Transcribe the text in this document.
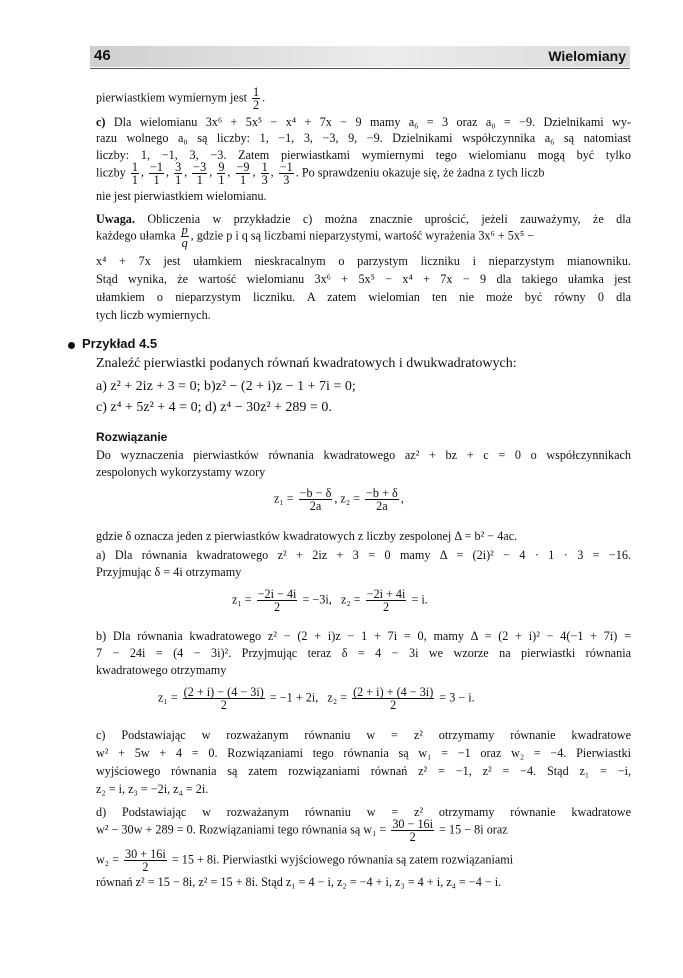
46	Wielomiany
pierwiastkiem wymiernym jest $\frac{1}{2}$ .
c) Dla wielomianu 3x⁶ + 5x⁵ − x⁴ + 7x − 9 mamy a₆ = 3 oraz a₀ = −9. Dzielnikami wy-
razu wolnego a₀ są liczby: 1, −1, 3, −3, 9, −9. Dzielnikami współczynnika a₆ są natomiast
liczby: 1, −1, 3, −3. Zatem pierwiastkami wymiernymi tego wielomianu mogą być tylko
liczby $\frac{1}{1}$ , $\frac{-1}{1}$ , $\frac{3}{1}$ , $\frac{-3}{1}$ , $\frac{9}{1}$ , $\frac{-9}{1}$ , $\frac{1}{3}$ , $\frac{-1}{3}$ . Po sprawdzeniu okazuje się, że żadna z tych liczb
nie jest pierwiastkiem wielomianu.
Uwaga. Obliczenia w przykładzie c) można znacznie uprościć, jeżeli zauważymy, że dla
każdego ułamka $\frac{p}{q}$ , gdzie p i q są liczbami nieparzystymi, wartość wyrażenia 3x⁶ + 5x⁵ −
x⁴ + 7x jest ułamkiem nieskracalnym o parzystym liczniku i nieparzystym mianowniku.
Stąd wynika, że wartość wielomianu 3x⁶ + 5x⁵ − x⁴ + 7x − 9 dla takiego ułamka jest
ułamkiem o nieparzystym liczniku. A zatem wielomian ten nie może być równy 0 dla
tych liczb wymiernych.
Przykład 4.5
Znaleźć pierwiastki podanych równań kwadratowych i dwukwadratowych:
a) z² + 2iz + 3 = 0; b)z² − (2 + i)z − 1 + 7i = 0;
c) z⁴ + 5z² + 4 = 0; d) z⁴ − 30z² + 289 = 0.
Rozwiązanie
Do wyznaczenia pierwiastków równania kwadratowego az² + bz + c = 0 o współczynnikach
zespolonych wykorzystamy wzory
$z_1 = \frac{-b - \delta}{2a}$ , $z_2 = \frac{-b + \delta}{2a}$ ,
gdzie δ oznacza jeden z pierwiastków kwadratowych z liczby zespolonej Δ = b² − 4ac.
a) Dla równania kwadratowego z² + 2iz + 3 = 0 mamy Δ = (2i)² − 4 · 1 · 3 = −16.
Przyjmując δ = 4i otrzymamy
$z_1 = \frac{-2i - 4i}{2} = -3i$, $z_2 = \frac{-2i + 4i}{2} = i$.
b) Dla równania kwadratowego z² − (2 + i)z − 1 + 7i = 0, mamy Δ = (2 + i)² − 4(−1 + 7i) =
7 − 24i = (4 − 3i)². Przyjmując teraz δ = 4 − 3i we wzorze na pierwiastki równania
kwadratowego otrzymamy
$z_1 = \frac{(2 + i) - (4 - 3i)}{2} = -1 + 2i$, $z_2 = \frac{(2 + i) + (4 - 3i)}{2} = 3 - i$.
c) Podstawiając w rozważanym równaniu w = z² otrzymamy równanie kwadratowe
w² + 5w + 4 = 0. Rozwiązaniami tego równania są w₁ = −1 oraz w₂ = −4. Pierwiastki
wyjściowego równania są zatem rozwiązaniami równań z² = −1, z² = −4. Stąd z₁ = −i,
z₂ = i, z₃ = −2i, z₄ = 2i.
d) Podstawiając w rozważanym równaniu w = z² otrzymamy równanie kwadratowe
w² − 30w + 289 = 0. Rozwiązaniami tego równania są $w_1 = \frac{30 - 16i}{2} = 15 - 8i$ oraz
$w_2 = \frac{30 + 16i}{2} = 15 + 8i$. Pierwiastki wyjściowego równania są zatem rozwiązaniami
równań z² = 15 − 8i, z² = 15 + 8i. Stąd z₁ = 4 − i, z₂ = −4 + i, z₃ = 4 + i, z₄ = −4 − i.
